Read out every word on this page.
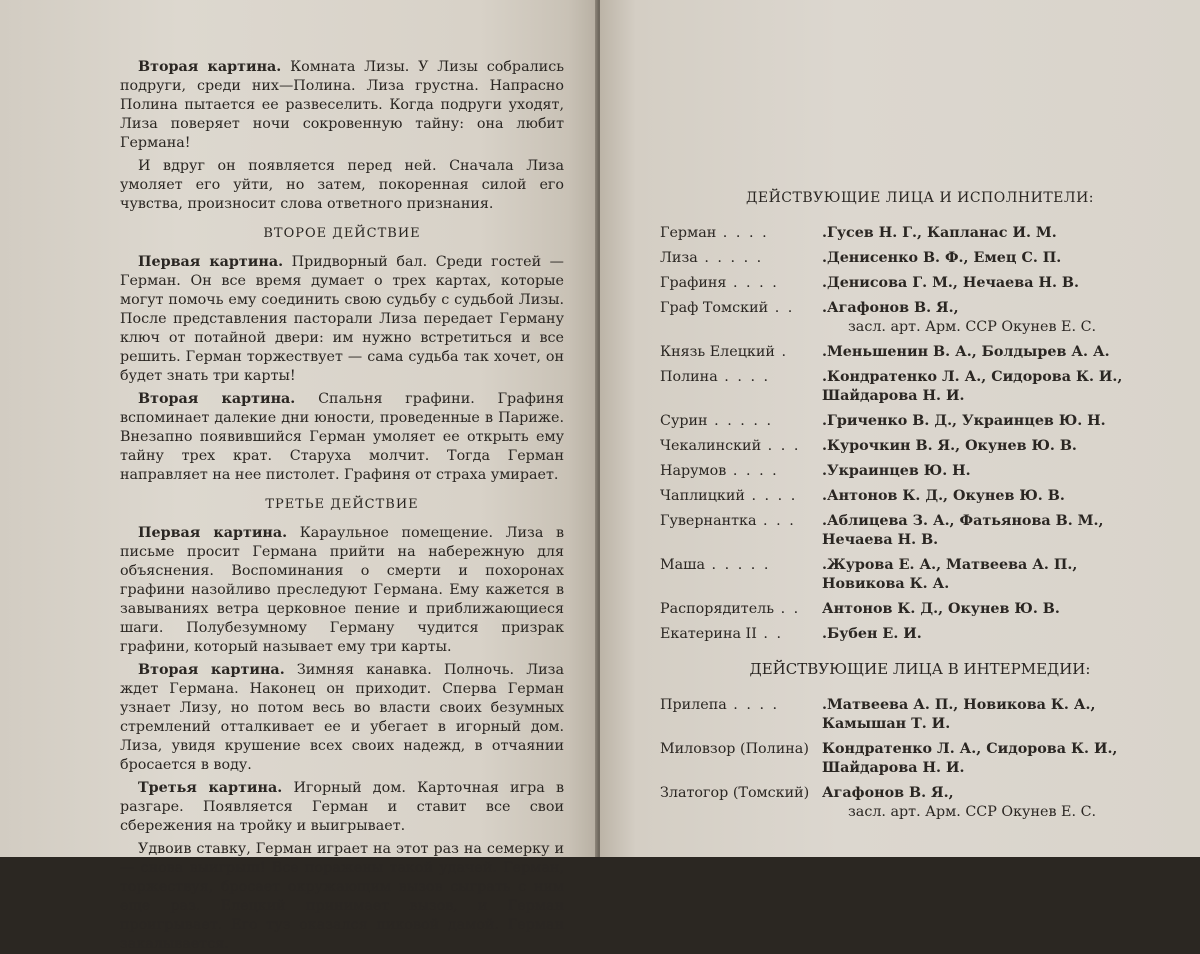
Вторая картина. Комната Лизы. У Лизы собрались подруги, среди них—Полина. Лиза грустна. Напрасно Полина пытается ее развеселить. Когда подруги уходят, Лиза поверяет ночи сокровенную тайну: она любит Германа!

И вдруг он появляется перед ней. Сначала Лиза умоляет его уйти, но затем, покоренная силой его чувства, произносит слова ответного признания.

ВТОРОЕ ДЕЙСТВИЕ

Первая картина. Придворный бал. Среди гостей — Герман. Он все время думает о трех картах, которые могут помочь ему соединить свою судьбу с судьбой Лизы. После представления пасторали Лиза передает Герману ключ от потайной двери: им нужно встретиться и все решить. Герман торжествует — сама судьба так хочет, он будет знать три карты!

Вторая картина. Спальня графини. Графиня вспоминает далекие дни юности, проведенные в Париже. Внезапно появившийся Герман умоляет ее открыть ему тайну трех крат. Старуха молчит. Тогда Герман направляет на нее пистолет. Графиня от страха умирает.

ТРЕТЬЕ ДЕЙСТВИЕ

Первая картина. Караульное помещение. Лиза в письме просит Германа прийти на набережную для объяснения. Воспоминания о смерти и похоронах графини назойливо преследуют Германа. Ему кажется в завываниях ветра церковное пение и приближающиеся шаги. Полубезумному Герману чудится призрак графини, который называет ему три карты.

Вторая картина. Зимняя канавка. Полночь. Лиза ждет Германа. Наконец он приходит. Сперва Герман узнает Лизу, но потом весь во власти своих безумных стремлений отталкивает ее и убегает в игорный дом. Лизa, увидя крушение всех своих надежд, в отчаянии бросается в воду.

Третья картина. Игорный дом. Карточная игра в разгаре. Появляется Герман и ставит все свои сбережения на тройку и выигрывает.

Удвоив ставку, Герман играет на этот раз на семерку и — снова выигрыш! Все поражены такой удачей. Герман, торжествуя, бросает окружающим вызов сыграть с ним еще раз. Елецкий принимает вызов, и Герман проигрывает. Его туз оказался пиковой дамой. Герман закалывается.

ДЕЙСТВУЮЩИЕ ЛИЦА И ИСПОЛНИТЕЛИ:
Герман . . . .	.Гусев Н. Г., Капланас И. М.
Лиза . . . . .	.Денисенко В. Ф., Емец С. П.
Графиня . . . .	.Денисова Г. М., Нечаева Н. В.
Граф Томский . .	.Агафонов В. Я.,
засл. арт. Арм. ССР Окунев Е. С.
Князь Елецкий .	.Меньшенин В. А., Болдырев А. А.
Полина . . . .	.Кондратенко Л. А., Сидорова К. И.,
Шайдарова Н. И.
Сурин . . . . .	.Гриченко В. Д., Украинцев Ю. Н.
Чекалинский . . .	.Курочкин В. Я., Окунев Ю. В.
Нарумов . . . .	.Украинцев Ю. Н.
Чаплицкий . . . .	.Антонов К. Д., Окунев Ю. В.
Гувернантка . . .	.Аблицева З. А., Фатьянова В. М.,
Нечаева Н. В.
Маша . . . . .	.Журова Е. А., Матвеева А. П.,
Новикова К. А.
Распорядитель . .	Антонов К. Д., Окунев Ю. В.
Екатерина II . .	.Бубен Е. И.
ДЕЙСТВУЮЩИЕ ЛИЦА В ИНТЕРМЕДИИ:
Прилепа . . . .	.Матвеева А. П., Новикова К. А.,
Камышан Т. И.
Миловзор (Полина) Кондратенко Л. А., Сидорова К. И.,
Шайдарова Н. И.
Златогор (Томский) Агафонов В. Я.,
засл. арт. Арм. ССР Окунев Е. С.
